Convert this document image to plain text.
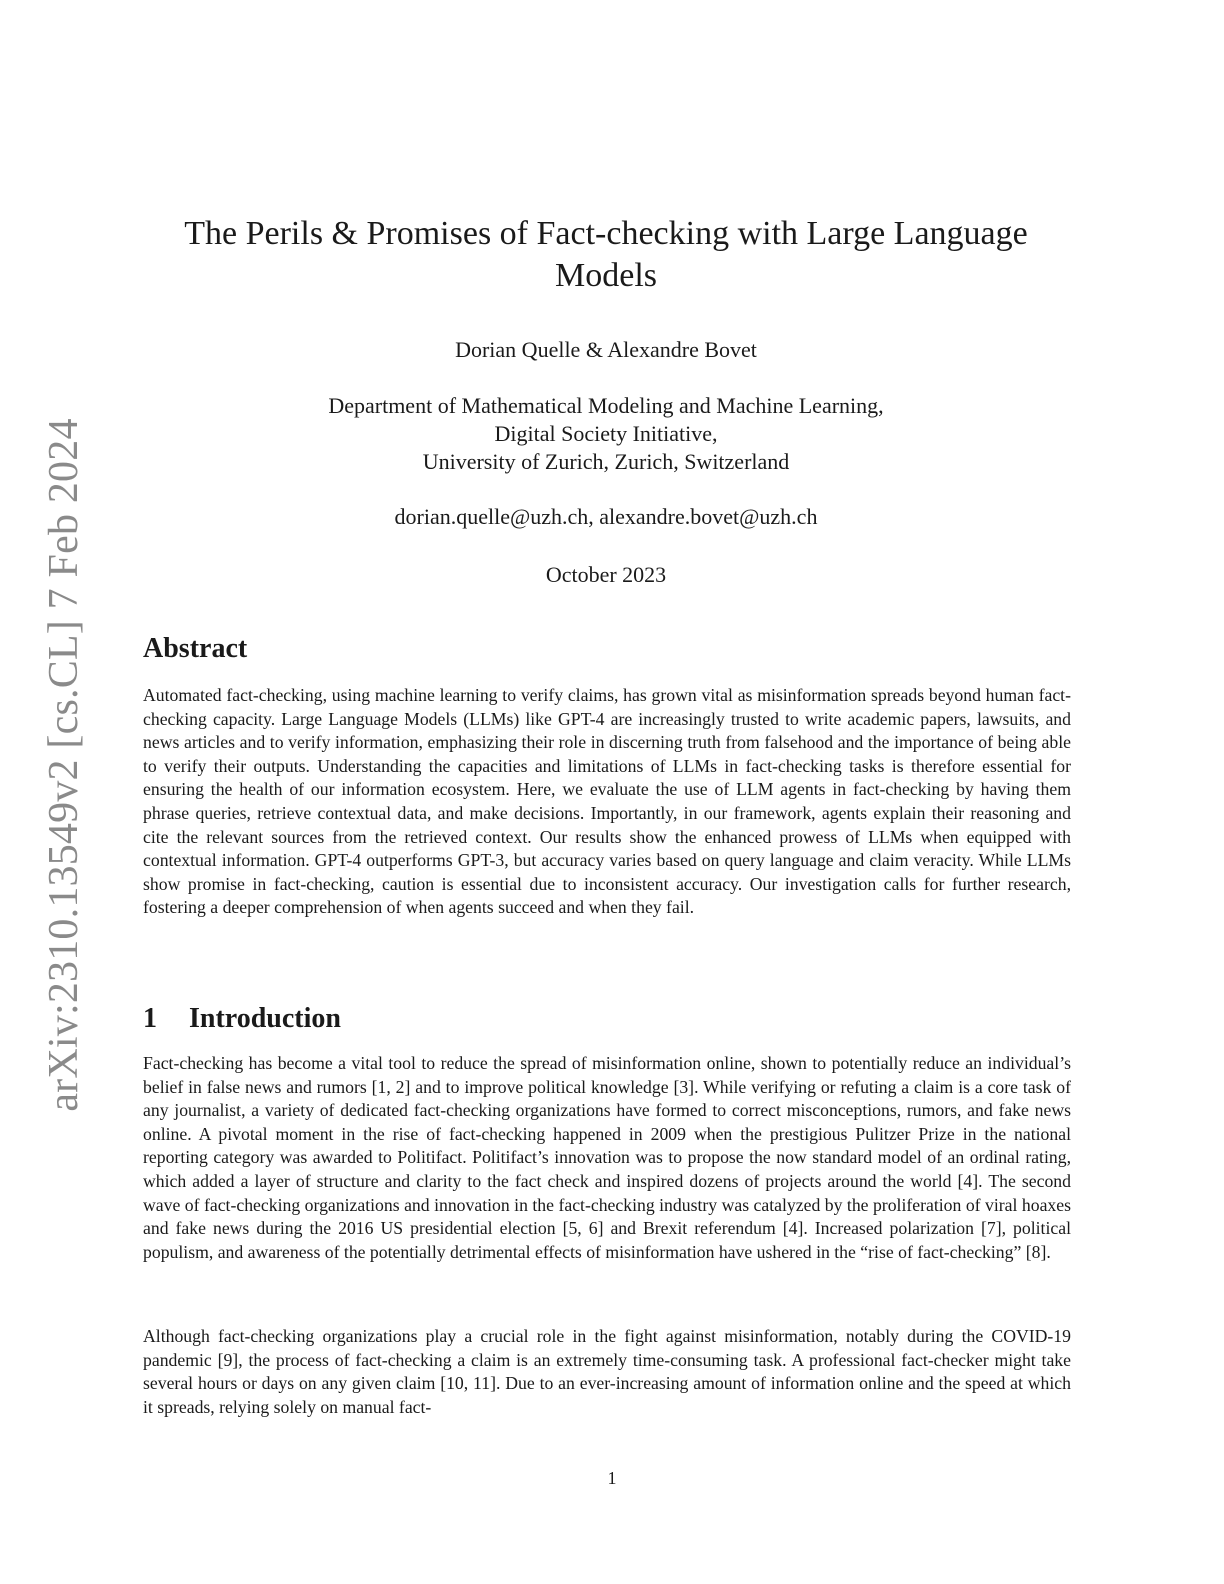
arXiv:2310.13549v2 [cs.CL] 7 Feb 2024
The Perils & Promises of Fact-checking with Large Language Models

Dorian Quelle & Alexandre Bovet

Department of Mathematical Modeling and Machine Learning,
Digital Society Initiative,
University of Zurich, Zurich, Switzerland

dorian.quelle@uzh.ch, alexandre.bovet@uzh.ch

October 2023

Abstract

Automated fact-checking, using machine learning to verify claims, has grown vital as misinformation spreads beyond human fact-checking capacity. Large Language Models (LLMs) like GPT-4 are increasingly trusted to write academic papers, lawsuits, and news articles and to verify information, emphasizing their role in discerning truth from falsehood and the importance of being able to verify their outputs. Understanding the capacities and limitations of LLMs in fact-checking tasks is therefore essential for ensuring the health of our information ecosystem. Here, we evaluate the use of LLM agents in fact-checking by having them phrase queries, retrieve contextual data, and make decisions. Importantly, in our framework, agents explain their reasoning and cite the relevant sources from the retrieved context. Our results show the enhanced prowess of LLMs when equipped with contextual information. GPT-4 outperforms GPT-3, but accuracy varies based on query language and claim veracity. While LLMs show promise in fact-checking, caution is essential due to inconsistent accuracy. Our investigation calls for further research, fostering a deeper comprehension of when agents succeed and when they fail.

1 Introduction

Fact-checking has become a vital tool to reduce the spread of misinformation online, shown to potentially reduce an individual’s belief in false news and rumors [1, 2] and to improve political knowledge [3]. While verifying or refuting a claim is a core task of any journalist, a variety of dedicated fact-checking organizations have formed to correct misconceptions, rumors, and fake news online. A pivotal moment in the rise of fact-checking happened in 2009 when the prestigious Pulitzer Prize in the national reporting category was awarded to Politifact. Politifact’s innovation was to propose the now standard model of an ordinal rating, which added a layer of structure and clarity to the fact check and inspired dozens of projects around the world [4]. The second wave of fact-checking organizations and innovation in the fact-checking industry was catalyzed by the proliferation of viral hoaxes and fake news during the 2016 US presidential election [5, 6] and Brexit referendum [4]. Increased polarization [7], political populism, and awareness of the potentially detrimental effects of misinformation have ushered in the “rise of fact-checking” [8].

Although fact-checking organizations play a crucial role in the fight against misinformation, notably during the COVID-19 pandemic [9], the process of fact-checking a claim is an extremely time-consuming task. A professional fact-checker might take several hours or days on any given claim [10, 11]. Due to an ever-increasing amount of information online and the speed at which it spreads, relying solely on manual fact-

1
